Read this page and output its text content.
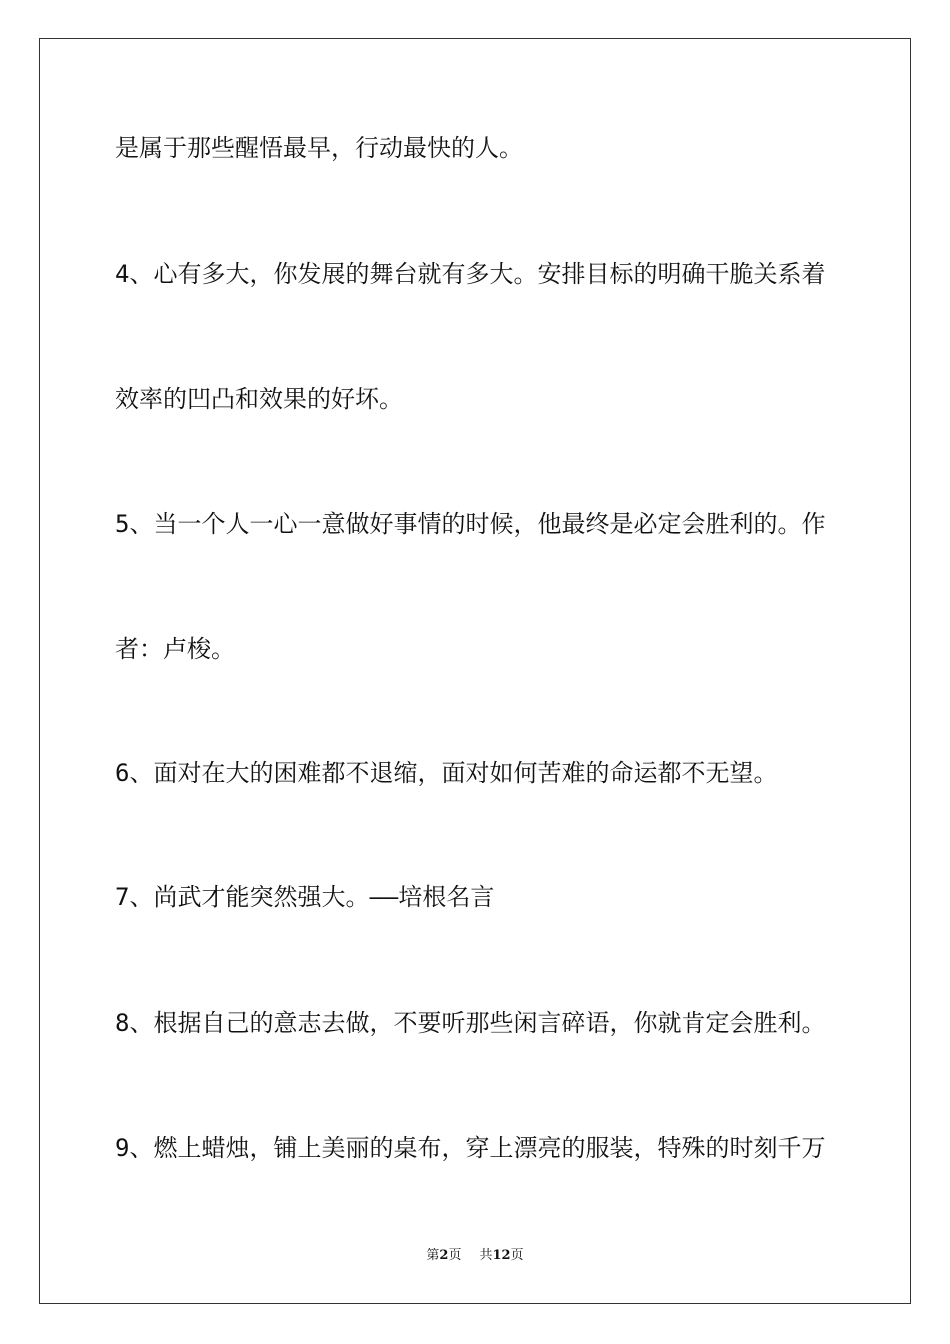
是属于那些醒悟最早，行动最快的人。

4、心有多大，你发展的舞台就有多大。安排目标的明确干脆关系着

效率的凹凸和效果的好坏。

5、当一个人一心一意做好事情的时候，他最终是必定会胜利的。作

者：卢梭。

6、面对在大的困难都不退缩，面对如何苦难的命运都不无望。

7、尚武才能突然强大。——培根名言

8、根据自己的意志去做，不要听那些闲言碎语，你就肯定会胜利。

9、燃上蜡烛，铺上美丽的桌布，穿上漂亮的服装，特殊的时刻千万

第2页 共12页
